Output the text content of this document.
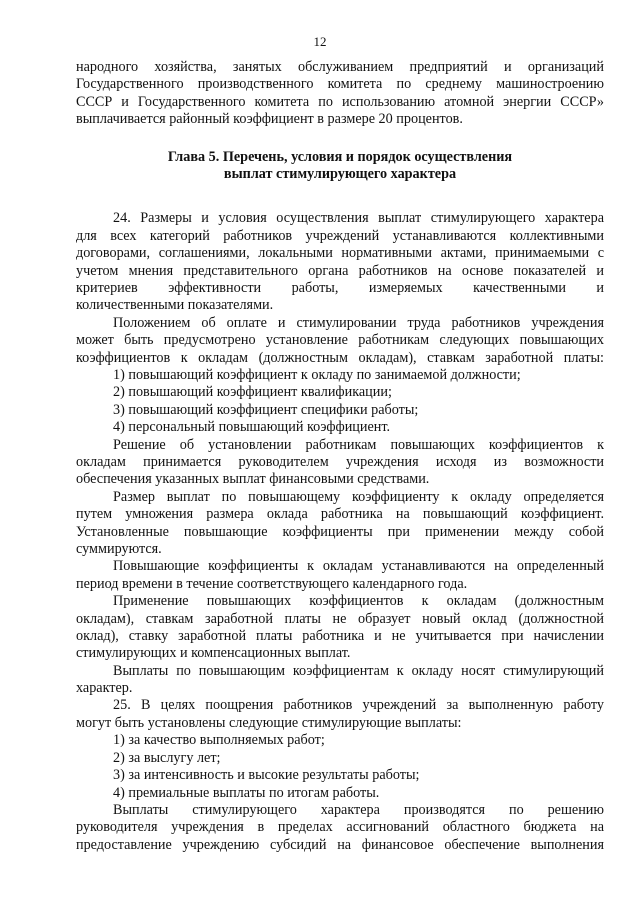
12
народного хозяйства, занятых обслуживанием предприятий и организаций
Государственного производственного комитета по среднему машиностроению
СССР и Государственного комитета по использованию атомной энергии СССР»
выплачивается районный коэффициент в размере 20 процентов.
Глава 5. Перечень, условия и порядок осуществления
выплат стимулирующего характера
24. Размеры и условия осуществления выплат стимулирующего характера
для всех категорий работников учреждений устанавливаются коллективными
договорами, соглашениями, локальными нормативными актами, принимаемыми с
учетом мнения представительного органа работников на основе показателей и
критериев эффективности работы, измеряемых качественными и
количественными показателями.
Положением об оплате и стимулировании труда работников учреждения
может быть предусмотрено установление работникам следующих повышающих
коэффициентов к окладам (должностным окладам), ставкам заработной платы:
1) повышающий коэффициент к окладу по занимаемой должности;
2) повышающий коэффициент квалификации;
3) повышающий коэффициент специфики работы;
4) персональный повышающий коэффициент.
Решение об установлении работникам повышающих коэффициентов к
окладам принимается руководителем учреждения исходя из возможности
обеспечения указанных выплат финансовыми средствами.
Размер выплат по повышающему коэффициенту к окладу определяется
путем умножения размера оклада работника на повышающий коэффициент.
Установленные повышающие коэффициенты при применении между собой
суммируются.
Повышающие коэффициенты к окладам устанавливаются на определенный
период времени в течение соответствующего календарного года.
Применение повышающих коэффициентов к окладам (должностным
окладам), ставкам заработной платы не образует новый оклад (должностной
оклад), ставку заработной платы работника и не учитывается при начислении
стимулирующих и компенсационных выплат.
Выплаты по повышающим коэффициентам к окладу носят стимулирующий
характер.
25. В целях поощрения работников учреждений за выполненную работу
могут быть установлены следующие стимулирующие выплаты:
1) за качество выполняемых работ;
2) за выслугу лет;
3) за интенсивность и высокие результаты работы;
4) премиальные выплаты по итогам работы.
Выплаты стимулирующего характера производятся по решению
руководителя учреждения в пределах ассигнований областного бюджета на
предоставление учреждению субсидий на финансовое обеспечение выполнения
